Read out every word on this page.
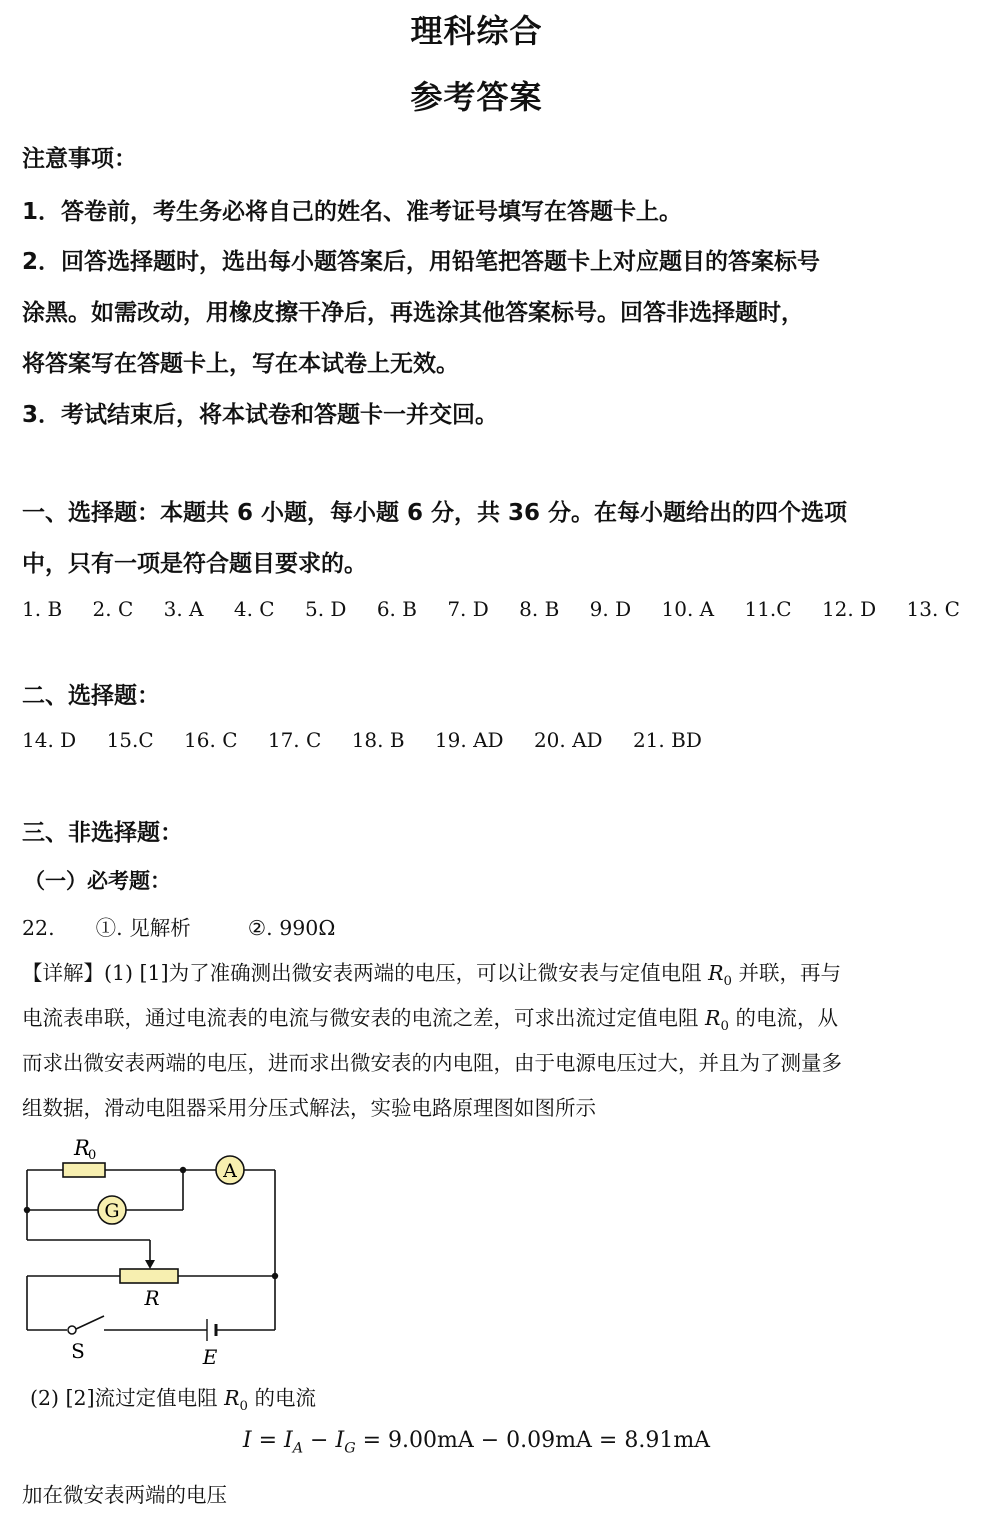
理科综合
参考答案
注意事项：
1．答卷前，考生务必将自己的姓名、准考证号填写在答题卡上。
2．回答选择题时，选出每小题答案后，用铅笔把答题卡上对应题目的答案标号
涂黑。如需改动，用橡皮擦干净后，再选涂其他答案标号。回答非选择题时，
将答案写在答题卡上，写在本试卷上无效。
3．考试结束后，将本试卷和答题卡一并交回。
一、选择题：本题共 6 小题，每小题 6 分，共 36 分。在每小题给出的四个选项
中，只有一项是符合题目要求的。
1. B 2. C 3. A 4. C 5. D 6. B 7. D 8. B 9. D 10. A 11.C 12. D 13. C
二、选择题：
14. D 15.C 16. C 17. C 18. B 19. AD 20. AD 21. BD
三、非选择题：
（一）必考题：
22. ①. 见解析	②. 990Ω
【详解】(1) [1]为了准确测出微安表两端的电压，可以让微安表与定值电阻 $R_0$ 并联，再与
电流表串联，通过电流表的电流与微安表的电流之差，可求出流过定值电阻 $R_0$ 的电流，从
而求出微安表两端的电压，进而求出微安表的内电阻，由于电源电压过大，并且为了测量多
组数据，滑动电阻器采用分压式解法，实验电路原理图如图所示
R
0
A
G
R
S	E
(2) [2]流过定值电阻 $R_0$ 的电流
$I = I_A - I_G = 9.00mA - 0.09mA = 8.91mA$
加在微安表两端的电压
